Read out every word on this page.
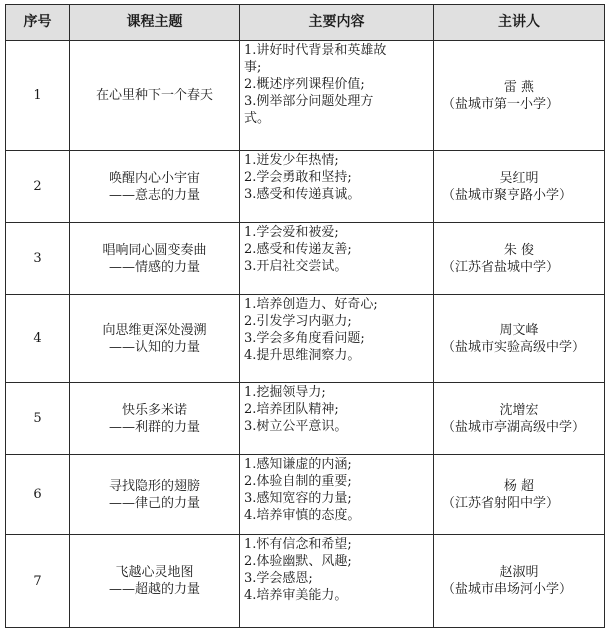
序号	课程主题	主要内容	主讲人
1	在心里种下一个春天	1.讲好时代背景和英雄故
事;
2.概述序列课程价值;
3.例举部分问题处理方
式。	雷 燕
（盐城市第一小学）

2	唤醒内心小宇宙
——意志的力量	1.迸发少年热情;
2.学会勇敢和坚持;
3.感受和传递真诚。	吴红明
（盐城市聚亨路小学）

3	唱响同心圆变奏曲
——情感的力量	1.学会爱和被爱;
2.感受和传递友善;
3.开启社交尝试。	朱 俊
（江苏省盐城中学）

4	向思维更深处漫溯
——认知的力量	1.培养创造力、好奇心;
2.引发学习内驱力;
3.学会多角度看问题;
4.提升思维洞察力。	周文峰
（盐城市实验高级中学）

5	快乐多米诺
——利群的力量	1.挖掘领导力;
2.培养团队精神;
3.树立公平意识。	沈增宏
（盐城市亭湖高级中学）

6	寻找隐形的翅膀
——律己的力量	1.感知谦虚的内涵;
2.体验自制的重要;
3.感知宽容的力量;
4.培养审慎的态度。	杨 超
（江苏省射阳中学）

7	飞越心灵地图
——超越的力量	1.怀有信念和希望;
2.体验幽默、风趣;
3.学会感恩;
4.培养审美能力。	赵淑明
（盐城市串场河小学）
